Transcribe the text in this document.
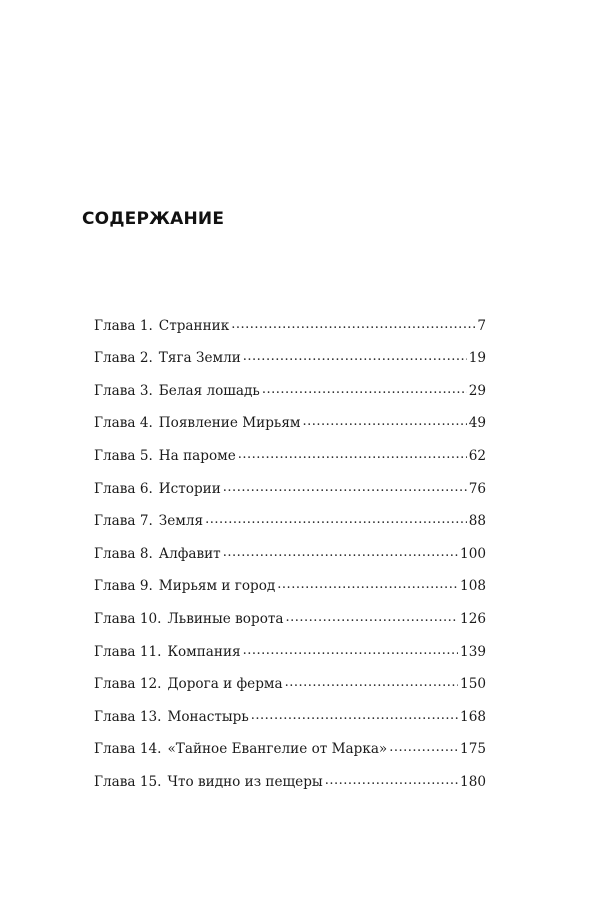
СОДЕРЖАНИЕ
Глава 1. Странник .....	7
Глава 2. Тяга Земли .....	19
Глава 3. Белая лошадь .....	29
Глава 4. Появление Мирьям .....	49
Глава 5. На пароме .....	62
Глава 6. Истории .....	76
Глава 7. Земля .....	88
Глава 8. Алфавит .....	100
Глава 9. Мирьям и город .....	108
Глава 10. Львиные ворота .....	126
Глава 11. Компания .....	139
Глава 12. Дорога и ферма .....	150
Глава 13. Монастырь .....	168
Глава 14. «Тайное Евангелие от Марка» .....	175
Глава 15. Что видно из пещеры .....	180
